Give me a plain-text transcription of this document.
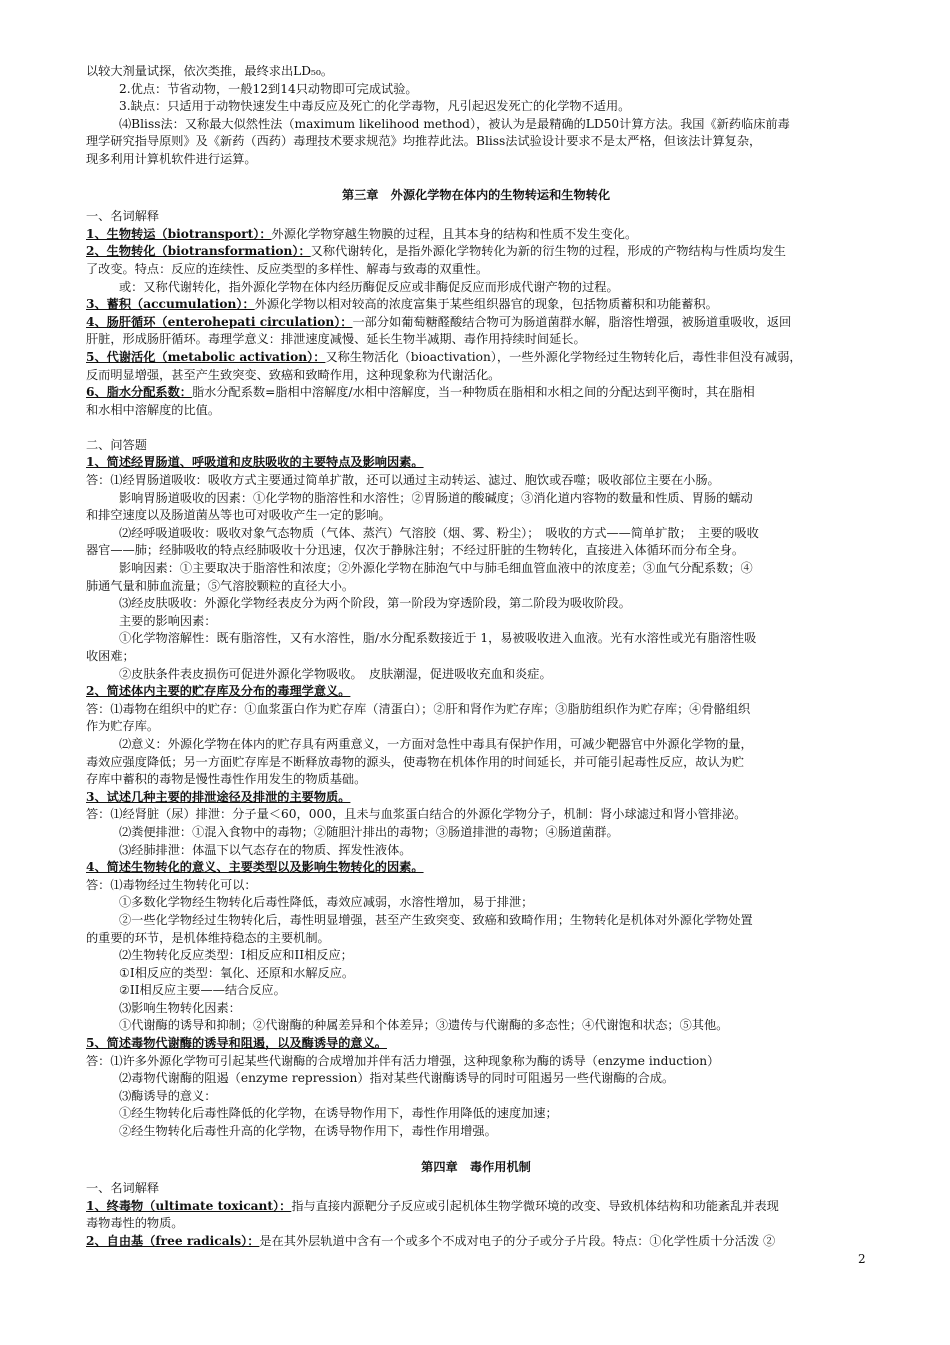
以较大剂量试探，依次类推，最终求出LD₅₀。
2.优点：节省动物，一般12到14只动物即可完成试验。
3.缺点：只适用于动物快速发生中毒反应及死亡的化学毒物，凡引起迟发死亡的化学物不适用。
⑷Bliss法：又称最大似然性法（maximum likelihood method），被认为是最精确的LD50计算方法。我国《新药临床前毒
理学研究指导原则》及《新药（西药）毒理技术要求规范》均推荐此法。Bliss法试验设计要求不是太严格，但该法计算复杂，
现多利用计算机软件进行运算。
第三章　外源化学物在体内的生物转运和生物转化
一、名词解释
1、生物转运（biotransport）：外源化学物穿越生物膜的过程，且其本身的结构和性质不发生变化。
2、生物转化（biotransformation）：又称代谢转化，是指外源化学物转化为新的衍生物的过程，形成的产物结构与性质均发生
了改变。特点：反应的连续性、反应类型的多样性、解毒与致毒的双重性。
或：又称代谢转化，指外源化学物在体内经历酶促反应或非酶促反应而形成代谢产物的过程。
3、蓄积（accumulation）：外源化学物以相对较高的浓度富集于某些组织器官的现象，包括物质蓄积和功能蓄积。
4、肠肝循环（enterohepati circulation）：一部分如葡萄糖醛酸结合物可为肠道菌群水解，脂溶性增强，被肠道重吸收，返回
肝脏，形成肠肝循环。毒理学意义：排泄速度减慢、延长生物半减期、毒作用持续时间延长。
5、代谢活化（metabolic activation）：又称生物活化（bioactivation），一些外源化学物经过生物转化后，毒性非但没有减弱，
反而明显增强，甚至产生致突变、致癌和致畸作用，这种现象称为代谢活化。
6、脂水分配系数：脂水分配系数=脂相中溶解度/水相中溶解度，当一种物质在脂相和水相之间的分配达到平衡时，其在脂相
和水相中溶解度的比值。
二、问答题
1、简述经胃肠道、呼吸道和皮肤吸收的主要特点及影响因素。
答：⑴经胃肠道吸收：吸收方式主要通过简单扩散，还可以通过主动转运、滤过、胞饮或吞噬；吸收部位主要在小肠。
影响胃肠道吸收的因素：①化学物的脂溶性和水溶性；②胃肠道的酸碱度；③消化道内容物的数量和性质、胃肠的蠕动
和排空速度以及肠道菌丛等也可对吸收产生一定的影响。
⑵经呼吸道吸收：吸收对象气态物质（气体、蒸汽）气溶胶（烟、雾、粉尘）；　吸收的方式——简单扩散；　主要的吸收
器官——肺；经肺吸收的特点经肺吸收十分迅速，仅次于静脉注射；不经过肝脏的生物转化，直接进入体循环而分布全身。
影响因素：①主要取决于脂溶性和浓度；②外源化学物在肺泡气中与肺毛细血管血液中的浓度差；③血气分配系数；④
肺通气量和肺血流量；⑤气溶胶颗粒的直径大小。
⑶经皮肤吸收：外源化学物经表皮分为两个阶段，第一阶段为穿透阶段，第二阶段为吸收阶段。
主要的影响因素：
①化学物溶解性：既有脂溶性，又有水溶性，脂/水分配系数接近于 1，易被吸收进入血液。光有水溶性或光有脂溶性吸
收困难；
②皮肤条件表皮损伤可促进外源化学物吸收。　皮肤潮湿，促进吸收充血和炎症。
2、简述体内主要的贮存库及分布的毒理学意义。
答：⑴毒物在组织中的贮存：①血浆蛋白作为贮存库（清蛋白）；②肝和肾作为贮存库；③脂肪组织作为贮存库；④骨骼组织
作为贮存库。
⑵意义：外源化学物在体内的贮存具有两重意义，一方面对急性中毒具有保护作用，可减少靶器官中外源化学物的量，
毒效应强度降低；另一方面贮存库是不断释放毒物的源头，使毒物在机体作用的时间延长，并可能引起毒性反应，故认为贮
存库中蓄积的毒物是慢性毒性作用发生的物质基础。
3、试述几种主要的排泄途径及排泄的主要物质。
答：⑴经肾脏（尿）排泄：分子量＜60，000，且未与血浆蛋白结合的外源化学物分子，机制：肾小球滤过和肾小管排泌。
⑵粪便排泄：①混入食物中的毒物；②随胆汁排出的毒物；③肠道排泄的毒物；④肠道菌群。
⑶经肺排泄：体温下以气态存在的物质、挥发性液体。
4、简述生物转化的意义、主要类型以及影响生物转化的因素。
答：⑴毒物经过生物转化可以：
①多数化学物经生物转化后毒性降低，毒效应减弱，水溶性增加，易于排泄；
②一些化学物经过生物转化后，毒性明显增强，甚至产生致突变、致癌和致畸作用；生物转化是机体对外源化学物处置
的重要的环节，是机体维持稳态的主要机制。
⑵生物转化反应类型：I相反应和II相反应；
①I相反应的类型：氧化、还原和水解反应。
②II相反应主要——结合反应。
⑶影响生物转化因素：
①代谢酶的诱导和抑制；②代谢酶的种属差异和个体差异；③遗传与代谢酶的多态性；④代谢饱和状态；⑤其他。
5、简述毒物代谢酶的诱导和阻遏，以及酶诱导的意义。
答：⑴许多外源化学物可引起某些代谢酶的合成增加并伴有活力增强，这种现象称为酶的诱导（enzyme induction）
⑵毒物代谢酶的阻遏（enzyme repression）指对某些代谢酶诱导的同时可阻遏另一些代谢酶的合成。
⑶酶诱导的意义：
①经生物转化后毒性降低的化学物，在诱导物作用下，毒性作用降低的速度加速；
②经生物转化后毒性升高的化学物，在诱导物作用下，毒性作用增强。
第四章　毒作用机制
一、名词解释
1、终毒物（ultimate toxicant）：指与直接内源靶分子反应或引起机体生物学微环境的改变、导致机体结构和功能紊乱并表现
毒物毒性的物质。
2、自由基（free radicals）：是在其外层轨道中含有一个或多个不成对电子的分子或分子片段。特点：①化学性质十分活泼 ②
2
